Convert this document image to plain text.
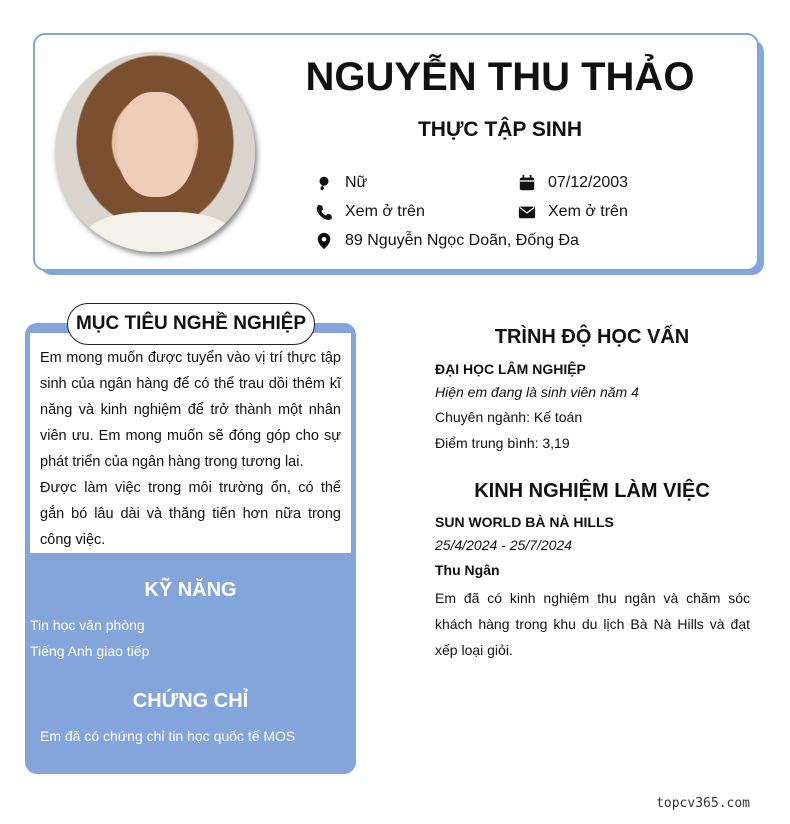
NGUYỄN THU THẢO
THỰC TẬP SINH
Nữ	07/12/2003
Xem ở trên	Xem ở trên
89 Nguyễn Ngọc Doãn, Đống Đa

Em mong muốn được tuyển vào vị trí thực tập sinh của ngân hàng để có thể trau dồi thêm kĩ năng và kinh nghiệm để trở thành một nhân viên ưu. Em mong muốn sẽ đóng góp cho sự phát triển của ngân hàng trong tương lai.

Được làm việc trong môi trường ổn, có thể gắn bó lâu dài và thăng tiến hơn nữa trong công việc.

MỤC TIÊU NGHỀ NGHIỆP
KỸ NĂNG
Tin học văn phòng
Tiếng Anh giao tiếp
CHỨNG CHỈ
Em đã có chứng chỉ tin học quốc tế MOS
TRÌNH ĐỘ HỌC VẤN
ĐẠI HỌC LÂM NGHIỆP
Hiện em đang là sinh viên năm 4
Chuyên ngành: Kế toán
Điểm trung bình: 3,19
KINH NGHIỆM LÀM VIỆC
SUN WORLD BÀ NÀ HILLS
25/4/2024 - 25/7/2024
Thu Ngân
Em đã có kinh nghiệm thu ngân và chăm sóc khách hàng trong khu du lịch Bà Nà Hills và đạt xếp loại giỏi.
topcv365.com
